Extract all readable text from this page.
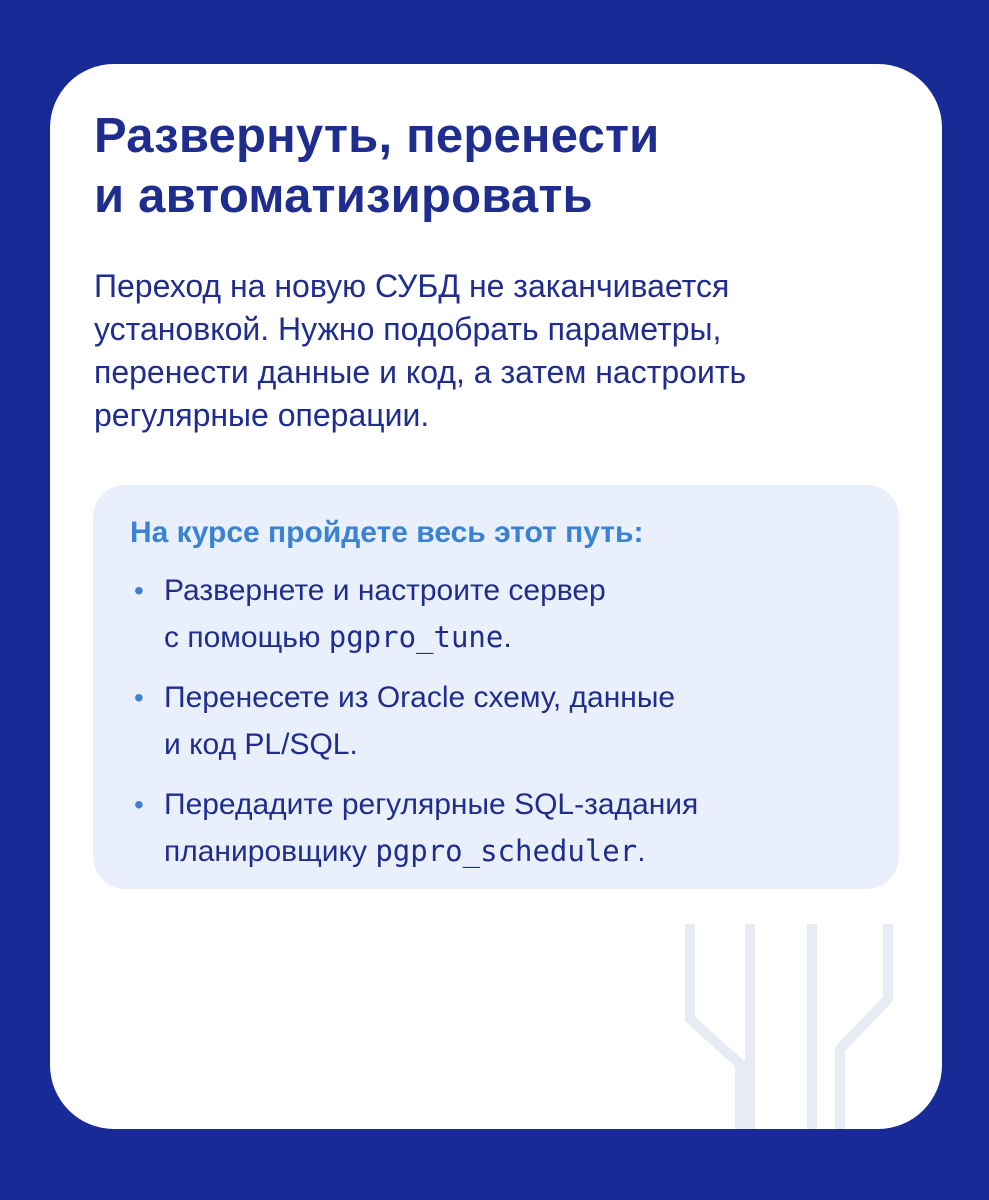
Развернуть, перенести
и автоматизировать

Переход на новую СУБД не заканчивается
установкой. Нужно подобрать параметры,
перенести данные и код, а затем настроить
регулярные операции.

На курсе пройдете весь этот путь:
• Развернете и настроите сервер
с помощью pgpro_tune.
• Перенесете из Oracle схему, данные
и код PL/SQL.
• Передадите регулярные SQL-задания
планировщику pgpro_scheduler.
